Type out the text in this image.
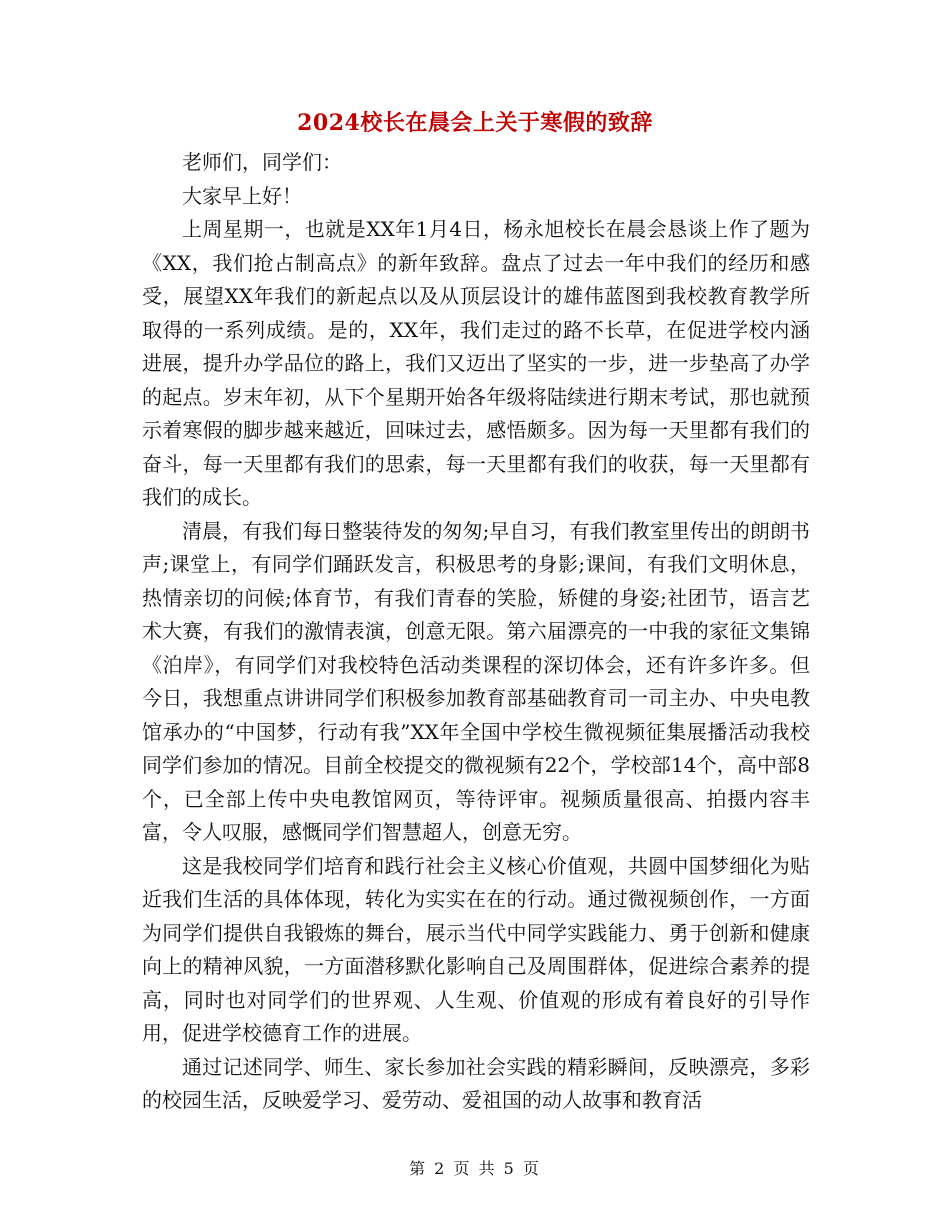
2024校长在晨会上关于寒假的致辞

老师们，同学们：

大家早上好！

上周星期一，也就是XX年1月4日，杨永旭校长在晨会恳谈上作了题为《XX，我们抢占制高点》的新年致辞。盘点了过去一年中我们的经历和感受，展望XX年我们的新起点以及从顶层设计的雄伟蓝图到我校教育教学所取得的一系列成绩。是的，XX年，我们走过的路不长草，在促进学校内涵进展，提升办学品位的路上，我们又迈出了坚实的一步，进一步垫高了办学的起点。岁末年初，从下个星期开始各年级将陆续进行期末考试，那也就预示着寒假的脚步越来越近，回味过去，感悟颇多。因为每一天里都有我们的奋斗，每一天里都有我们的思索，每一天里都有我们的收获，每一天里都有我们的成长。

清晨，有我们每日整装待发的匆匆;早自习，有我们教室里传出的朗朗书声;课堂上，有同学们踊跃发言，积极思考的身影;课间，有我们文明休息，热情亲切的问候;体育节，有我们青春的笑脸，矫健的身姿;社团节，语言艺术大赛，有我们的激情表演，创意无限。第六届漂亮的一中我的家征文集锦《泊岸》，有同学们对我校特色活动类课程的深切体会，还有许多许多。但今日，我想重点讲讲同学们积极参加教育部基础教育司一司主办、中央电教馆承办的“中国梦，行动有我”XX年全国中学校生微视频征集展播活动我校同学们参加的情况。目前全校提交的微视频有22个，学校部14个，高中部8个，已全部上传中央电教馆网页，等待评审。视频质量很高、拍摄内容丰富，令人叹服，感慨同学们智慧超人，创意无穷。

这是我校同学们培育和践行社会主义核心价值观，共圆中国梦细化为贴近我们生活的具体体现，转化为实实在在的行动。通过微视频创作，一方面为同学们提供自我锻炼的舞台，展示当代中同学实践能力、勇于创新和健康向上的精神风貌，一方面潜移默化影响自己及周围群体，促进综合素养的提高，同时也对同学们的世界观、人生观、价值观的形成有着良好的引导作用，促进学校德育工作的进展。

通过记述同学、师生、家长参加社会实践的精彩瞬间，反映漂亮，多彩的校园生活，反映爱学习、爱劳动、爱祖国的动人故事和教育活

第 2 页 共 5 页
